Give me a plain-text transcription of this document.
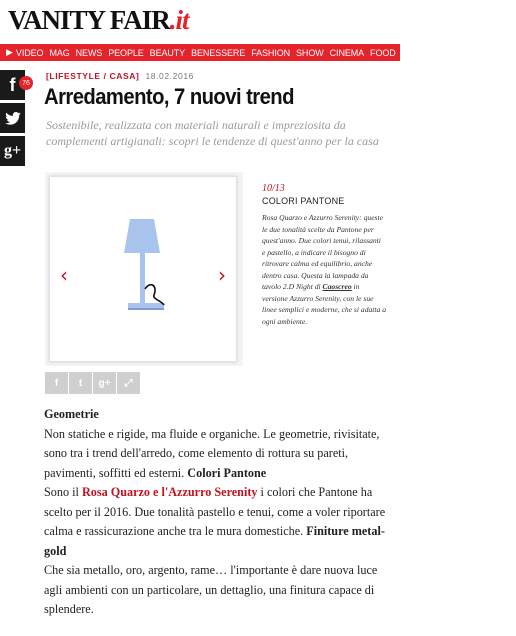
VANITY FAIR.it
▶ VIDEO MAG NEWS PEOPLE BEAUTY BENESSERE FASHION SHOW CINEMA FOOD FIRME OROSCOPO TRAV
f 76
g+
[LIFESTYLE / CASA] 18.02.2016
Arredamento, 7 nuovi trend

Sostenibile, realizzata con materiali naturali e impreziosita da complementi artigianali: scopri le tendenze di quest'anno per la casa

‹	›
f t g+ ⤢
10/13
COLORI PANTONE
Rosa Quarzo e Azzurro Serenity: queste le due tonalità scelte da Pantone per quest'anno. Due colori tenui, rilassanti e pastello, a indicare il bisogno di ritrovare calma ed equilibrio, anche dentro casa. Questa la lampada da tavolo 2.D Night di Caoscreo in versione Azzurro Serenity, con le sue linee semplici e moderne, che si adatta a ogni ambiente.
Geometrie
Non statiche e rigide, ma fluide e organiche. Le geometrie, rivisitate, sono tra i trend dell'arredo, come elemento di rottura su pareti, pavimenti, soffitti ed esterni. Colori Pantone
Sono il Rosa Quarzo e l'Azzurro Serenity i colori che Pantone ha scelto per il 2016. Due tonalità pastello e tenui, come a voler riportare calma e rassicurazione anche tra le mura domestiche. Finiture metal-gold
Che sia metallo, oro, argento, rame… l'importante è dare nuova luce agli ambienti con un particolare, un dettaglio, una finitura capace di splendere.
